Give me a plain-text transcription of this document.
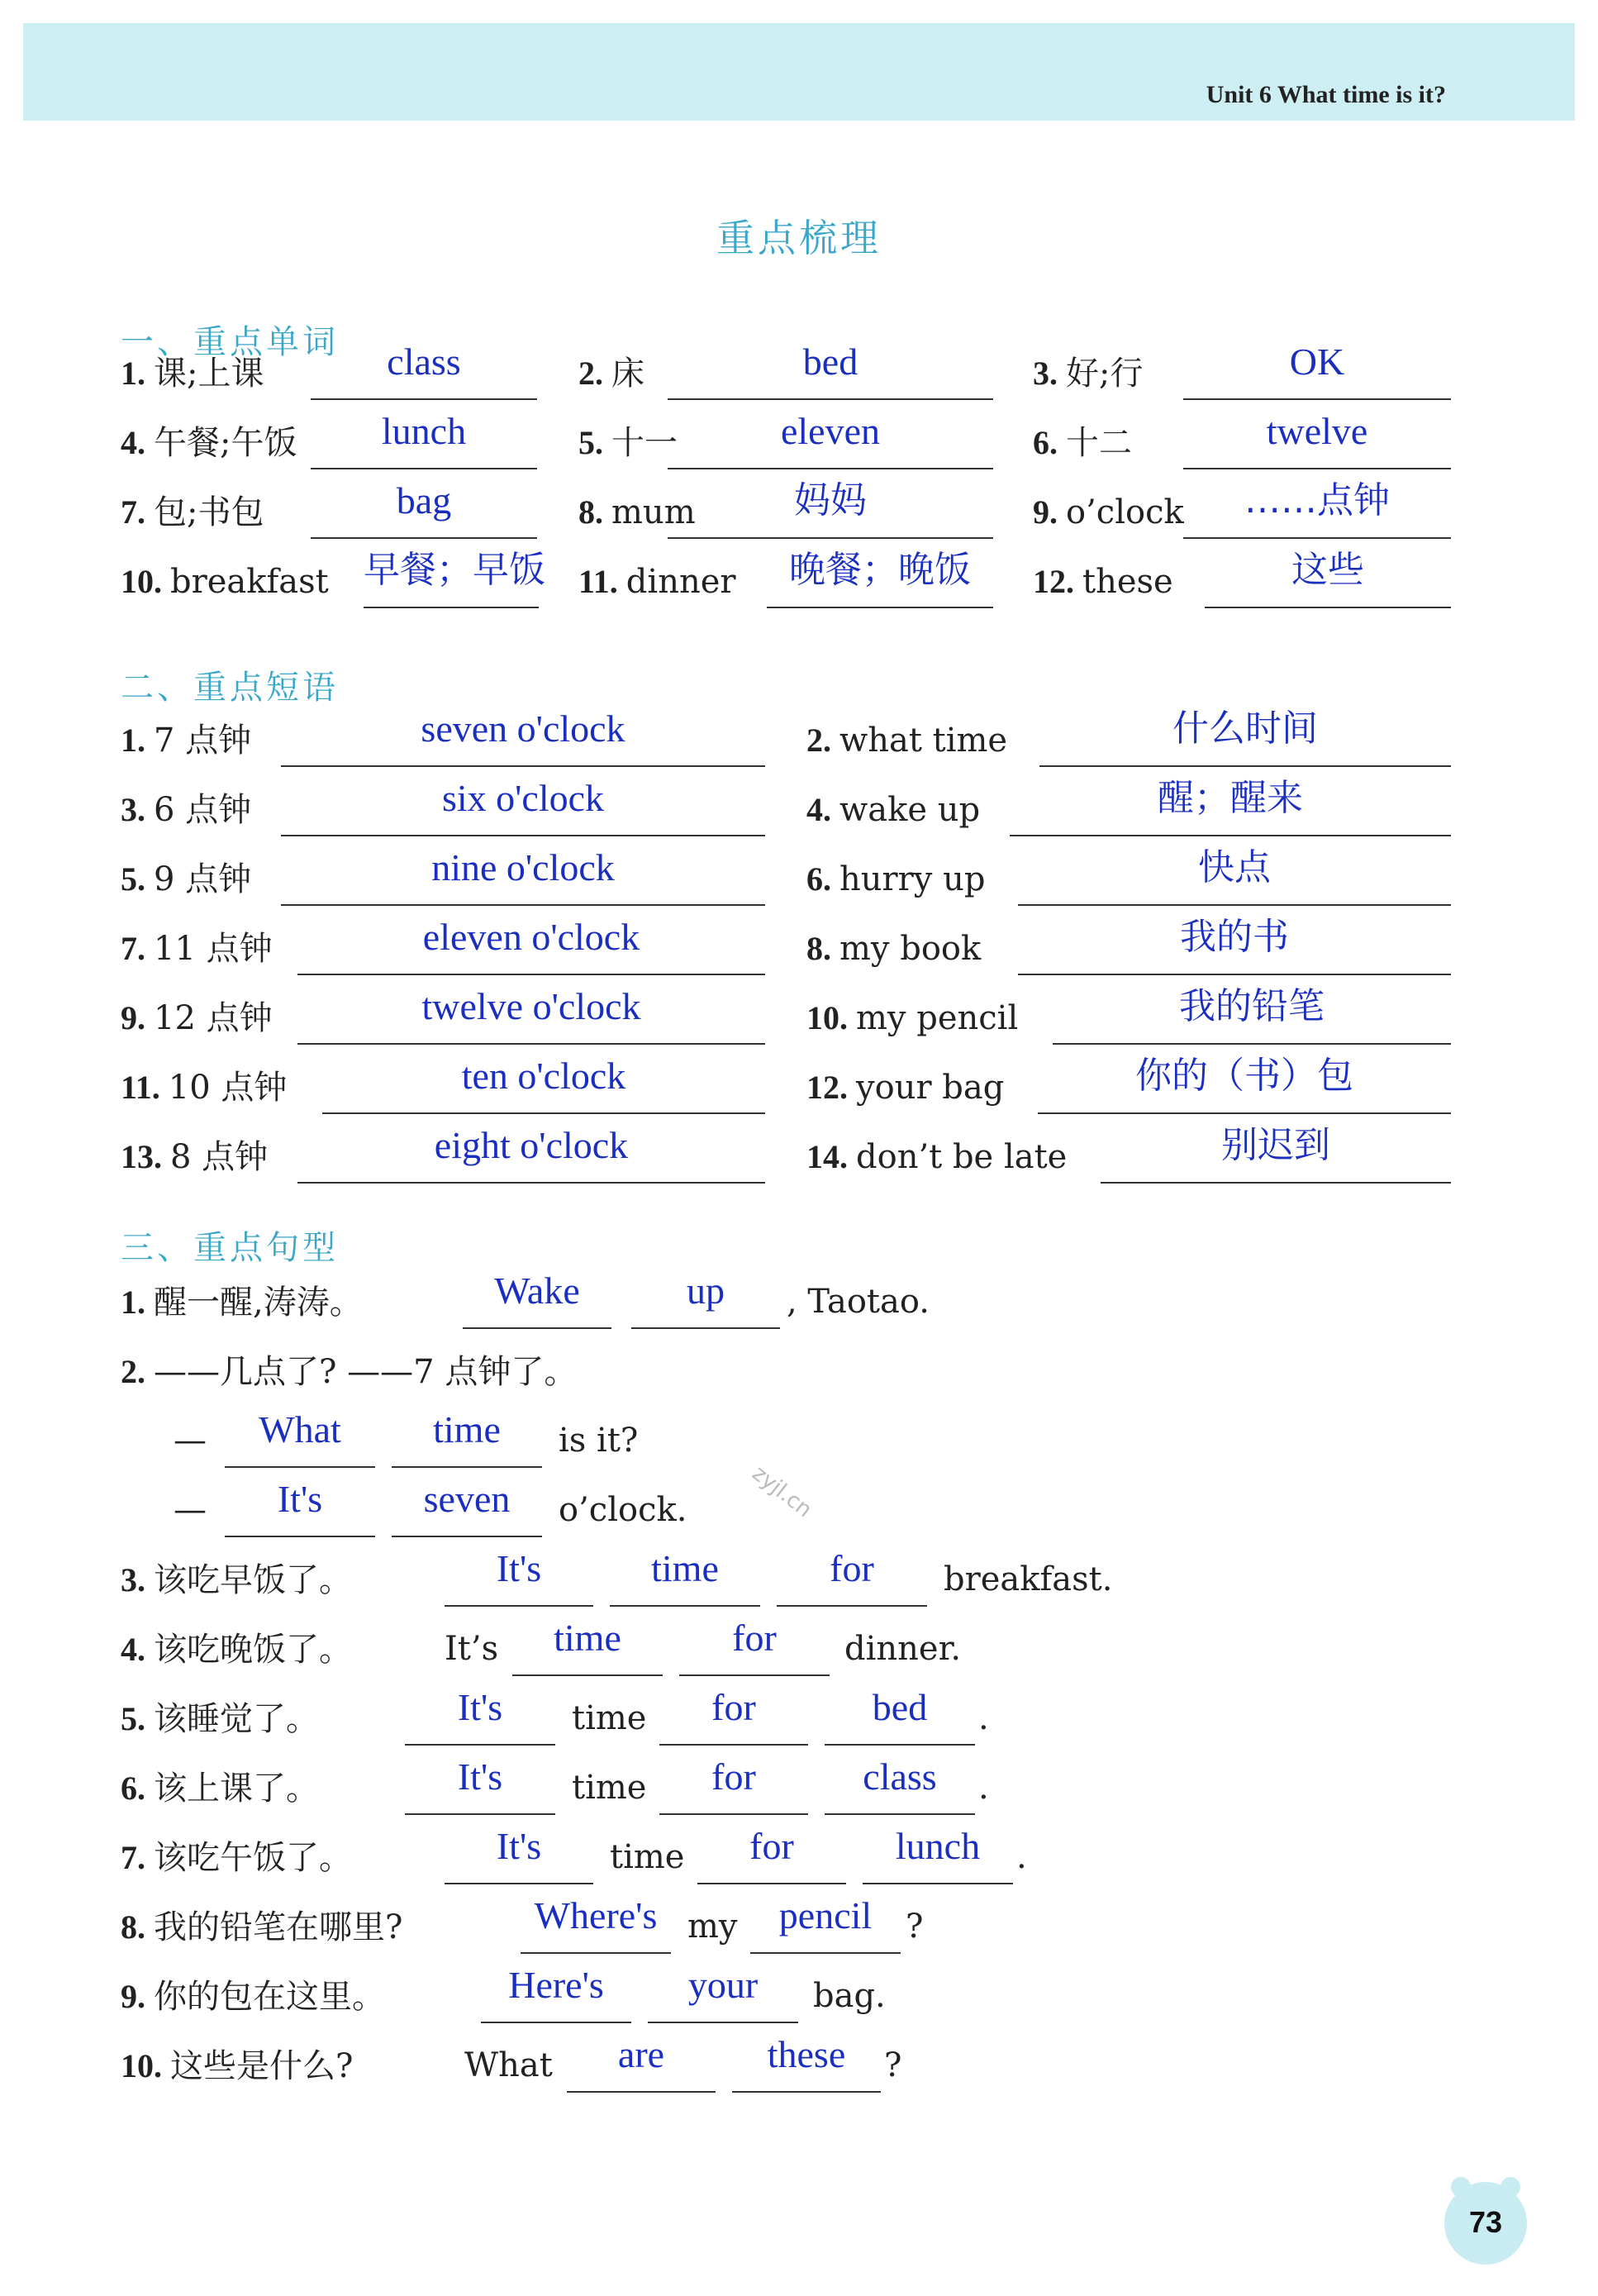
Unit 6 What time is it?
重点梳理
一、重点单词
二、重点短语
三、重点句型
zyjl.cn
73
1. 课;上课	class	2. 床	bed	3. 好;行	OK
4. 午餐;午饭	lunch	5. 十一	eleven	6. 十二	twelve
7. 包;书包	bag	8. mum	妈妈	9. o’clock	……点钟
10. breakfast 早餐；早饭 11. dinner	晚餐；晚饭	12. these	这些
1. 7 点钟	seven o'clock	2. what time	什么时间
3. 6 点钟	six o'clock	4. wake up	醒；醒来
5. 9 点钟	nine o'clock	6. hurry up	快点
7. 11 点钟	eleven o'clock	8. my book	我的书
9. 12 点钟	twelve o'clock	10. my pencil	我的铅笔
11. 10 点钟	ten o'clock	12. your bag	你的（书）包
13. 8 点钟	eight o'clock	14. don’t be late	别迟到
1. 醒一醒,涛涛。	Wake	up	, Taotao.
2. ——几点了? ——7 点钟了。
—	What	time	is it?
—	It's	seven	o’clock.
3. 该吃早饭了。	It's	time	for	breakfast.
4. 该吃晚饭了。	It’s	time	for	dinner.
5. 该睡觉了。	It's	time	for	bed	.
6. 该上课了。	It's	time	for	class	.
7. 该吃午饭了。	It's	time	for	lunch	.
8. 我的铅笔在哪里?	Where's my	pencil	?
9. 你的包在这里。	Here's	your	bag.
10. 这些是什么?	What	are	these	?
